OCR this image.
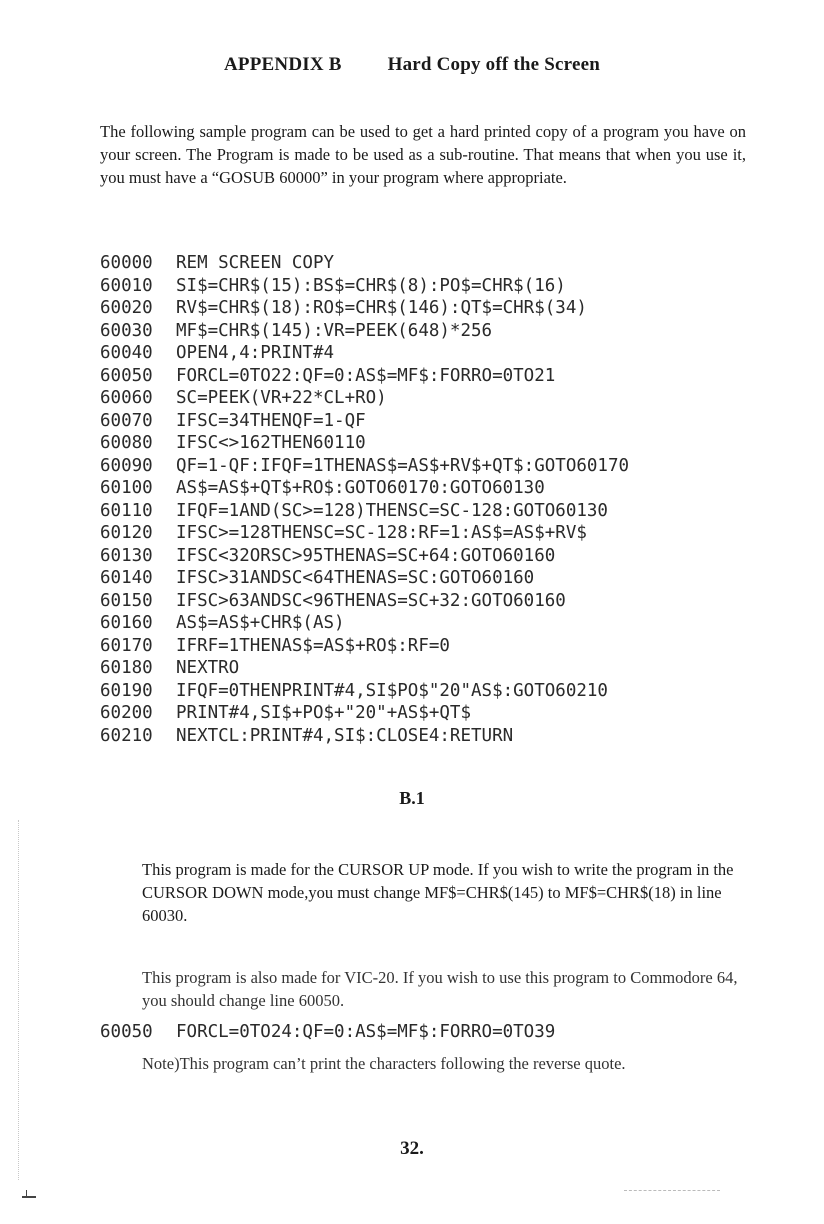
APPENDIX B Hard Copy off the Screen

The following sample program can be used to get a hard printed copy of a program you have on your screen. The Program is made to be used as a sub-routine. That means that when you use it, you must have a “GOSUB 60000” in your program where appropriate.

60000 REM SCREEN COPY
60010 SI$=CHR$(15):BS$=CHR$(8):PO$=CHR$(16)
60020 RV$=CHR$(18):RO$=CHR$(146):QT$=CHR$(34)
60030 MF$=CHR$(145):VR=PEEK(648)*256
60040 OPEN4,4:PRINT#4
60050 FORCL=0TO22:QF=0:AS$=MF$:FORRO=0TO21
60060 SC=PEEK(VR+22*CL+RO)
60070 IFSC=34THENQF=1-QF
60080 IFSC<>162THEN60110
60090 QF=1-QF:IFQF=1THENAS$=AS$+RV$+QT$:GOTO60170
60100 AS$=AS$+QT$+RO$:GOTO60170:GOTO60130
60110 IFQF=1AND(SC>=128)THENSC=SC-128:GOTO60130
60120 IFSC>=128THENSC=SC-128:RF=1:AS$=AS$+RV$
60130 IFSC<32ORSC>95THENAS=SC+64:GOTO60160
60140 IFSC>31ANDSC<64THENAS=SC:GOTO60160
60150 IFSC>63ANDSC<96THENAS=SC+32:GOTO60160
60160 AS$=AS$+CHR$(AS)
60170 IFRF=1THENAS$=AS$+RO$:RF=0
60180 NEXTRO
60190 IFQF=0THENPRINT#4,SI$PO$"20"AS$:GOTO60210
60200 PRINT#4,SI$+PO$+"20"+AS$+QT$
60210 NEXTCL:PRINT#4,SI$:CLOSE4:RETURN
B.1

This program is made for the CURSOR UP mode. If you wish to write the program in the CURSOR DOWN mode,you must change MF$=CHR$(145) to MF$=CHR$(18) in line 60030.

This program is also made for VIC-20. If you wish to use this program to Commodore 64, you should change line 60050.

60050 FORCL=0TO24:QF=0:AS$=MF$:FORRO=0TO39

Note)This program can’t print the characters following the reverse quote.

32.
